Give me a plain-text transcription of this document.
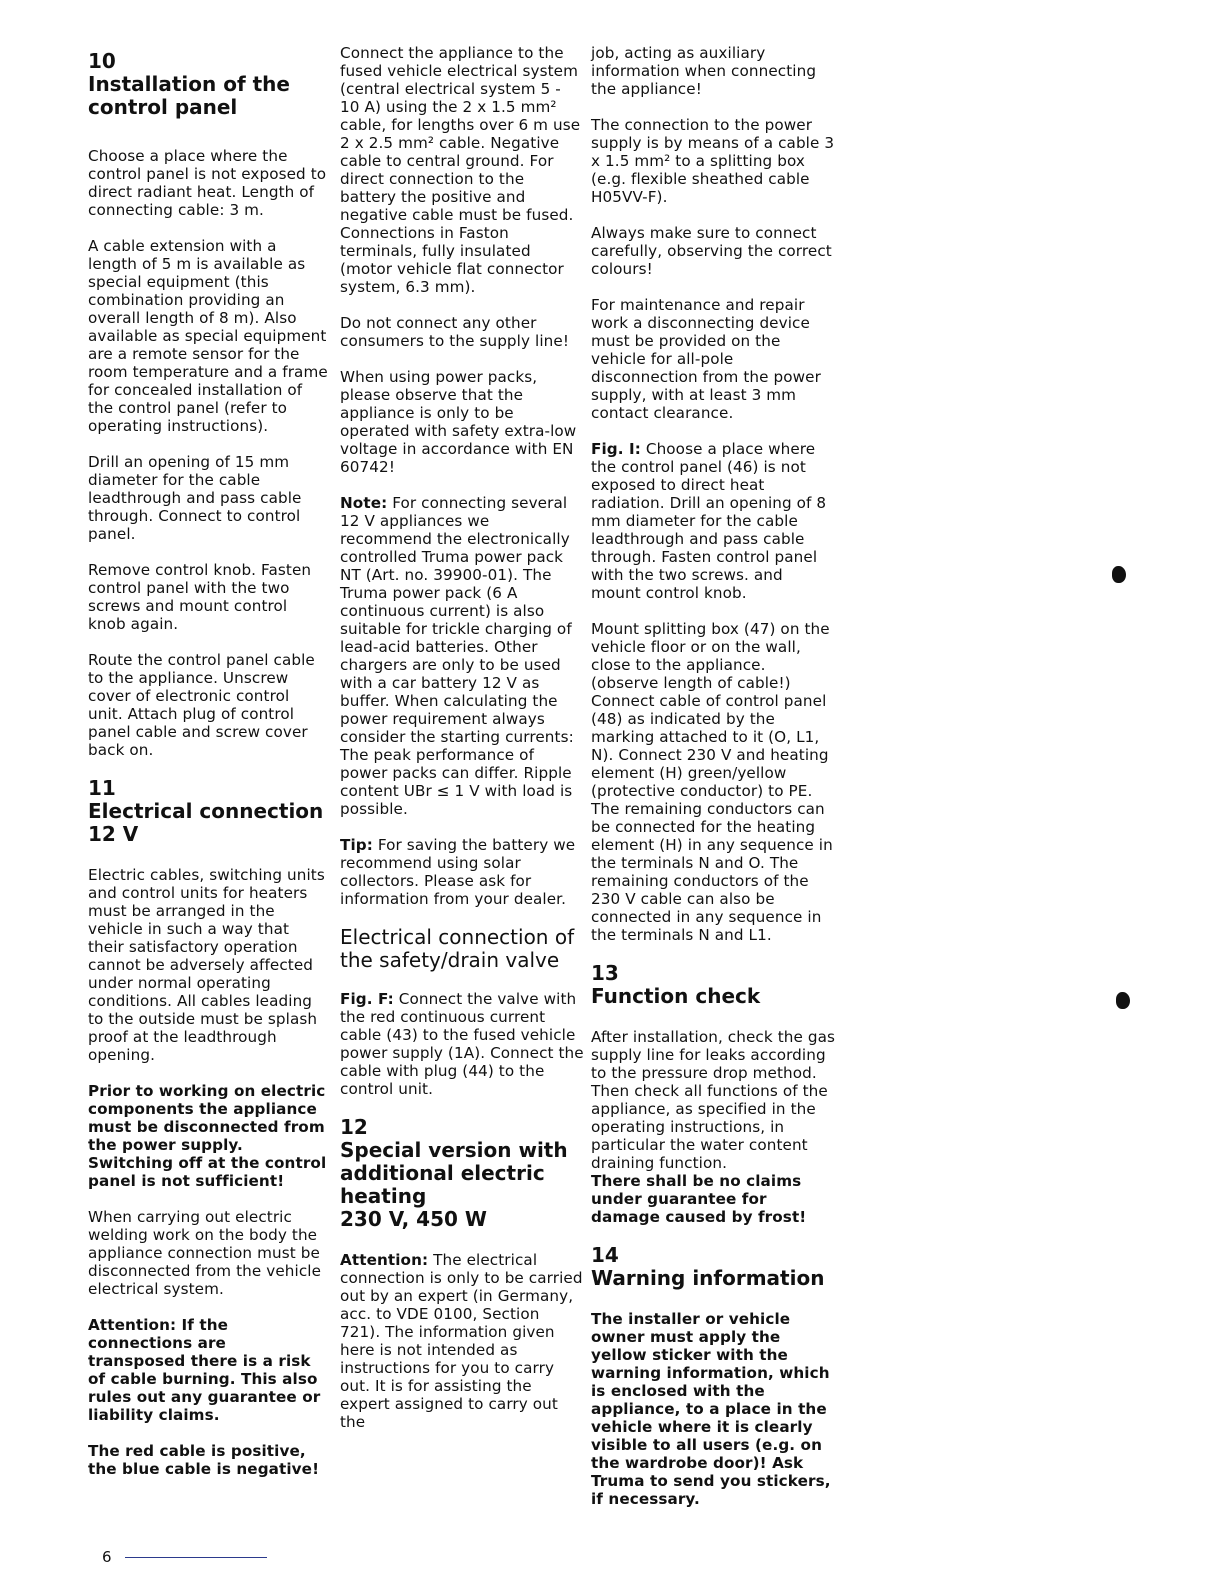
10
Installation of the control panel

Choose a place where the control panel is not exposed to direct radiant heat. Length of connecting cable: 3 m.

A cable extension with a length of 5 m is available as special equipment (this combination providing an overall length of 8 m). Also available as special equipment are a remote sensor for the room temperature and a frame for concealed installation of the control panel (refer to operating instructions).

Drill an opening of 15 mm diameter for the cable leadthrough and pass cable through. Connect to control panel.

Remove control knob. Fasten control panel with the two screws and mount control knob again.

Route the control panel cable to the appliance. Unscrew cover of electronic control unit. Attach plug of control panel cable and screw cover back on.

11
Electrical connection
12 V

Electric cables, switching units and control units for heaters must be arranged in the vehicle in such a way that their satisfactory operation cannot be adversely affected under normal operating conditions. All cables leading to the outside must be splash proof at the leadthrough opening.

Prior to working on electric components the appliance must be disconnected from the power supply. Switching off at the control panel is not sufficient!

When carrying out electric welding work on the body the appliance connection must be disconnected from the vehicle electrical system.

Attention: If the connections are transposed there is a risk of cable burning. This also rules out any guarantee or liability claims.

The red cable is positive, the blue cable is negative!

Connect the appliance to the fused vehicle electrical system (central electrical system 5 - 10 A) using the 2 x 1.5 mm² cable, for lengths over 6 m use 2 x 2.5 mm² cable. Negative cable to central ground. For direct connection to the battery the positive and negative cable must be fused. Connections in Faston terminals, fully insulated (motor vehicle flat connector system, 6.3 mm).

Do not connect any other consumers to the supply line!

When using power packs, please observe that the appliance is only to be operated with safety extra-low voltage in accordance with EN 60742!

Note: For connecting several 12 V appliances we recommend the electronically controlled Truma power pack NT (Art. no. 39900-01). The Truma power pack (6 A continuous current) is also suitable for trickle charging of lead-acid batteries. Other chargers are only to be used with a car battery 12 V as buffer. When calculating the power requirement always consider the starting currents: The peak performance of power packs can differ. Ripple content UBr ≤ 1 V with load is possible.

Tip: For saving the battery we recommend using solar collectors. Please ask for information from your dealer.

Electrical connection of the safety/drain valve

Fig. F: Connect the valve with the red continuous current cable (43) to the fused vehicle power supply (1A). Connect the cable with plug (44) to the control unit.

12
Special version with additional electric heating
230 V, 450 W

Attention: The electrical connection is only to be carried out by an expert (in Germany, acc. to VDE 0100, Section 721). The information given here is not intended as instructions for you to carry out. It is for assisting the expert assigned to carry out the

job, acting as auxiliary information when connecting the appliance!

The connection to the power supply is by means of a cable 3 x 1.5 mm² to a splitting box (e.g. flexible sheathed cable H05VV-F).

Always make sure to connect carefully, observing the correct colours!

For maintenance and repair work a disconnecting device must be provided on the vehicle for all-pole disconnection from the power supply, with at least 3 mm contact clearance.

Fig. I: Choose a place where the control panel (46) is not exposed to direct heat radiation. Drill an opening of 8 mm diameter for the cable leadthrough and pass cable through. Fasten control panel with the two screws. and mount control knob.

Mount splitting box (47) on the vehicle floor or on the wall, close to the appliance. (observe length of cable!) Connect cable of control panel (48) as indicated by the marking attached to it (O, L1, N). Connect 230 V and heating element (H) green/yellow (protective conductor) to PE. The remaining conductors can be connected for the heating element (H) in any sequence in the terminals N and O. The remaining conductors of the 230 V cable can also be connected in any sequence in the terminals N and L1.

13
Function check

After installation, check the gas supply line for leaks according to the pressure drop method. Then check all functions of the appliance, as specified in the operating instructions, in particular the water content draining function.

There shall be no claims under guarantee for damage caused by frost!

14
Warning information

The installer or vehicle owner must apply the yellow sticker with the warning information, which is enclosed with the appliance, to a place in the vehicle where it is clearly visible to all users (e.g. on the wardrobe door)! Ask Truma to send you stickers, if necessary.

6
